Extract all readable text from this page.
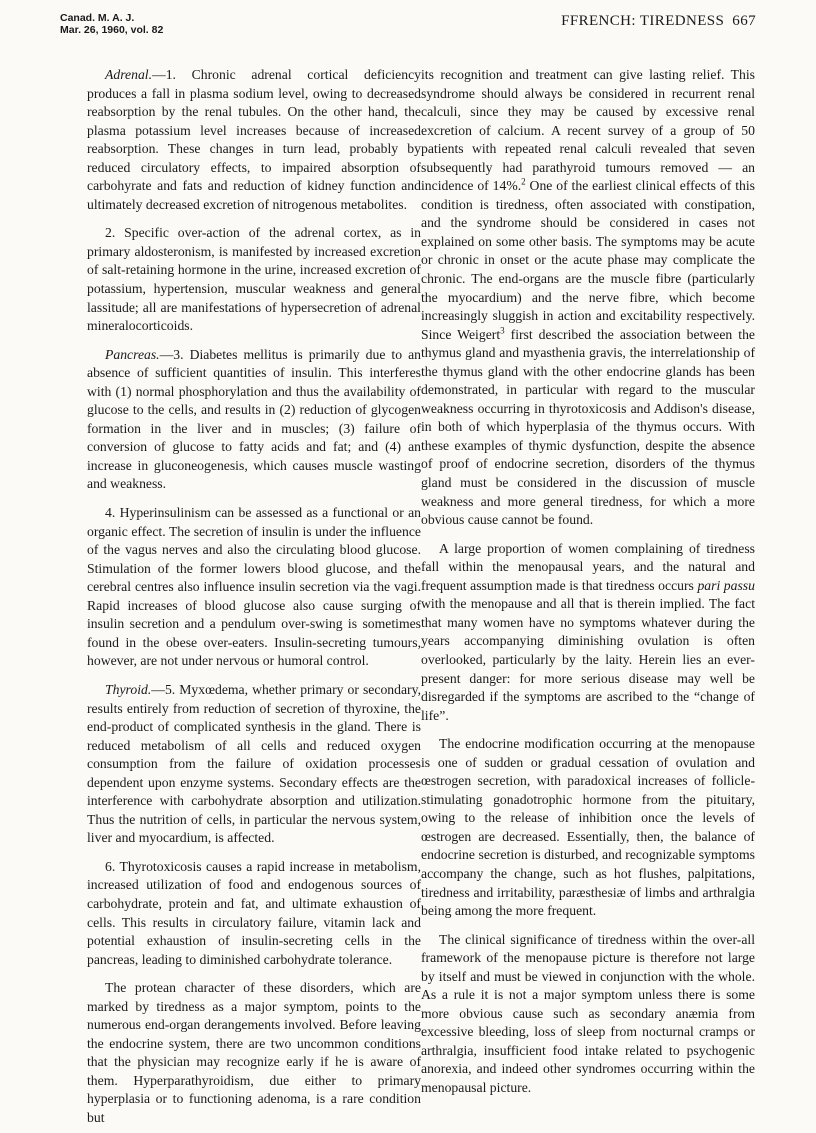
Canad. M. A. J.
Mar. 26, 1960, vol. 82
FFRENCH: TIREDNESS 667

Adrenal.—1. Chronic adrenal cortical deficiency produces a fall in plasma sodium level, owing to decreased reabsorption by the renal tubules. On the other hand, the plasma potassium level increases because of increased reabsorption. These changes in turn lead, probably by reduced circulatory effects, to impaired absorption of carbohyrate and fats and reduction of kidney function and ultimately decreased excretion of nitrogenous metabolites.

2. Specific over-action of the adrenal cortex, as in primary aldosteronism, is manifested by increased excretion of salt-retaining hormone in the urine, increased excretion of potassium, hypertension, muscular weakness and general lassitude; all are manifestations of hypersecretion of adrenal mineralocorticoids.

Pancreas.—3. Diabetes mellitus is primarily due to an absence of sufficient quantities of insulin. This interferes with (1) normal phosphorylation and thus the availability of glucose to the cells, and results in (2) reduction of glycogen formation in the liver and in muscles; (3) failure of conversion of glucose to fatty acids and fat; and (4) an increase in gluconeogenesis, which causes muscle wasting and weakness.

4. Hyperinsulinism can be assessed as a functional or an organic effect. The secretion of insulin is under the influence of the vagus nerves and also the circulating blood glucose. Stimulation of the former lowers blood glucose, and the cerebral centres also influence insulin secretion via the vagi. Rapid increases of blood glucose also cause surging of insulin secretion and a pendulum over-swing is sometimes found in the obese over-eaters. Insulin-secreting tumours, however, are not under nervous or humoral control.

Thyroid.—5. Myxœdema, whether primary or secondary, results entirely from reduction of secretion of thyroxine, the end-product of complicated synthesis in the gland. There is reduced metabolism of all cells and reduced oxygen consumption from the failure of oxidation processes dependent upon enzyme systems. Secondary effects are the interference with carbohydrate absorption and utilization. Thus the nutrition of cells, in particular the nervous system, liver and myocardium, is affected.

6. Thyrotoxicosis causes a rapid increase in metabolism, increased utilization of food and endogenous sources of carbohydrate, protein and fat, and ultimate exhaustion of cells. This results in circulatory failure, vitamin lack and potential exhaustion of insulin-secreting cells in the pancreas, leading to diminished carbohydrate tolerance.

The protean character of these disorders, which are marked by tiredness as a major symptom, points to the numerous end-organ derangements involved. Before leaving the endocrine system, there are two uncommon conditions that the physician may recognize early if he is aware of them. Hyperparathyroidism, due either to primary hyperplasia or to functioning adenoma, is a rare condition but

its recognition and treatment can give lasting relief. This syndrome should always be considered in recurrent renal calculi, since they may be caused by excessive renal excretion of calcium. A recent survey of a group of 50 patients with repeated renal calculi revealed that seven subsequently had parathyroid tumours removed — an incidence of 14%.$^2$ One of the earliest clinical effects of this condition is tiredness, often associated with constipation, and the syndrome should be considered in cases not explained on some other basis. The symptoms may be acute or chronic in onset or the acute phase may complicate the chronic. The end-organs are the muscle fibre (particularly the myocardium) and the nerve fibre, which become increasingly sluggish in action and excitability respectively. Since Weigert$^3$ first described the association between the thymus gland and myasthenia gravis, the interrelationship of the thymus gland with the other endocrine glands has been demonstrated, in particular with regard to the muscular weakness occurring in thyrotoxicosis and Addison's disease, in both of which hyperplasia of the thymus occurs. With these examples of thymic dysfunction, despite the absence of proof of endocrine secretion, disorders of the thymus gland must be considered in the discussion of muscle weakness and more general tiredness, for which a more obvious cause cannot be found.

A large proportion of women complaining of tiredness fall within the menopausal years, and the natural and frequent assumption made is that tiredness occurs pari passu with the menopause and all that is therein implied. The fact that many women have no symptoms whatever during the years accompanying diminishing ovulation is often overlooked, particularly by the laity. Herein lies an ever-present danger: for more serious disease may well be disregarded if the symptoms are ascribed to the “change of life”.

The endocrine modification occurring at the menopause is one of sudden or gradual cessation of ovulation and œstrogen secretion, with paradoxical increases of follicle-stimulating gonadotrophic hormone from the pituitary, owing to the release of inhibition once the levels of œstrogen are decreased. Essentially, then, the balance of endocrine secretion is disturbed, and recognizable symptoms accompany the change, such as hot flushes, palpitations, tiredness and irritability, paræsthesiæ of limbs and arthralgia being among the more frequent.

The clinical significance of tiredness within the over-all framework of the menopause picture is therefore not large by itself and must be viewed in conjunction with the whole. As a rule it is not a major symptom unless there is some more obvious cause such as secondary anæmia from excessive bleeding, loss of sleep from nocturnal cramps or arthralgia, insufficient food intake related to psychogenic anorexia, and indeed other syndromes occurring within the menopausal picture.
